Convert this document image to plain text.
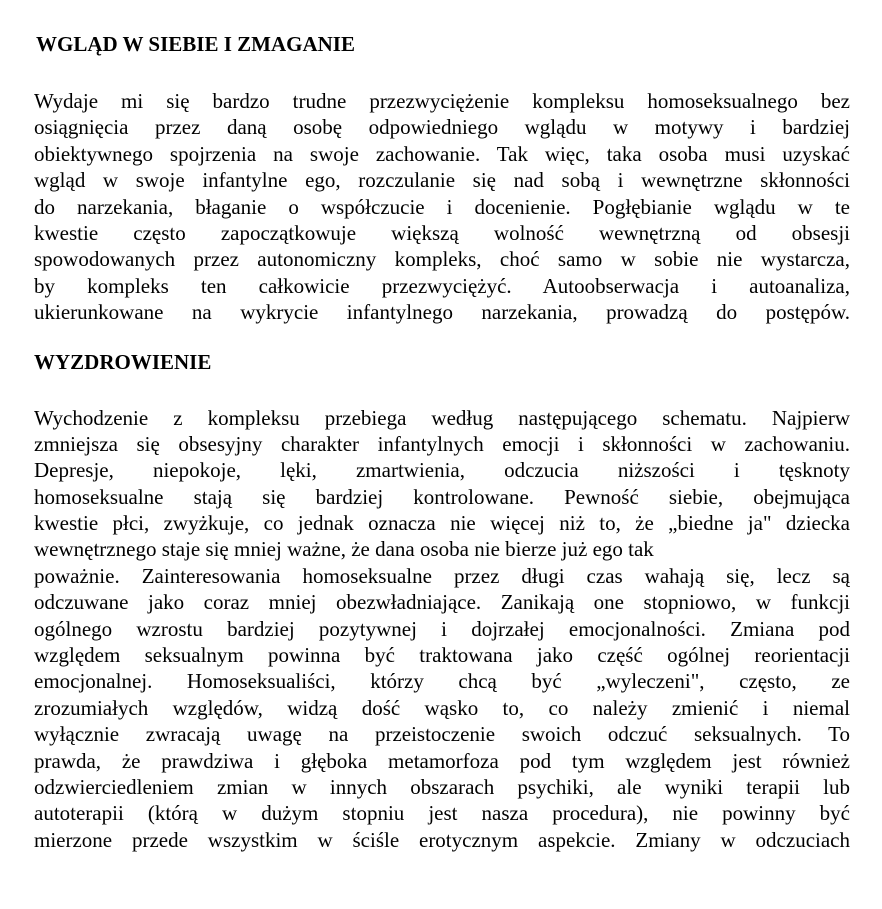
WGLĄD W SIEBIE I ZMAGANIE
Wydaje mi się bardzo trudne przezwyciężenie kompleksu homoseksualnego bez
osiągnięcia przez daną osobę odpowiedniego wglądu w motywy i bardziej
obiektywnego spojrzenia na swoje zachowanie. Tak więc, taka osoba musi uzyskać
wgląd w swoje infantylne ego, rozczulanie się nad sobą i wewnętrzne skłonności
do narzekania, błaganie o współczucie i docenienie. Pogłębianie wglądu w te
kwestie często zapoczątkowuje większą wolność wewnętrzną od obsesji
spowodowanych przez autonomiczny kompleks, choć samo w sobie nie wystarcza,
by kompleks ten całkowicie przezwyciężyć. Autoobserwacja i autoanaliza,
ukierunkowane na wykrycie infantylnego narzekania, prowadzą do postępów.
WYZDROWIENIE
Wychodzenie z kompleksu przebiega według następującego schematu. Najpierw
zmniejsza się obsesyjny charakter infantylnych emocji i skłonności w zachowaniu.
Depresje, niepokoje, lęki, zmartwienia, odczucia niższości i tęsknoty
homoseksualne stają się bardziej kontrolowane. Pewność siebie, obejmująca
kwestie płci, zwyżkuje, co jednak oznacza nie więcej niż to, że „biedne ja" dziecka
wewnętrznego staje się mniej ważne, że dana osoba nie bierze już ego tak
poważnie. Zainteresowania homoseksualne przez długi czas wahają się, lecz są
odczuwane jako coraz mniej obezwładniające. Zanikają one stopniowo, w funkcji
ogólnego wzrostu bardziej pozytywnej i dojrzałej emocjonalności. Zmiana pod
względem seksualnym powinna być traktowana jako część ogólnej reorientacji
emocjonalnej. Homoseksualiści, którzy chcą być „wyleczeni", często, ze
zrozumiałych względów, widzą dość wąsko to, co należy zmienić i niemal
wyłącznie zwracają uwagę na przeistoczenie swoich odczuć seksualnych. To
prawda, że prawdziwa i głęboka metamorfoza pod tym względem jest również
odzwierciedleniem zmian w innych obszarach psychiki, ale wyniki terapii lub
autoterapii (którą w dużym stopniu jest nasza procedura), nie powinny być
mierzone przede wszystkim w ściśle erotycznym aspekcie. Zmiany w odczuciach
